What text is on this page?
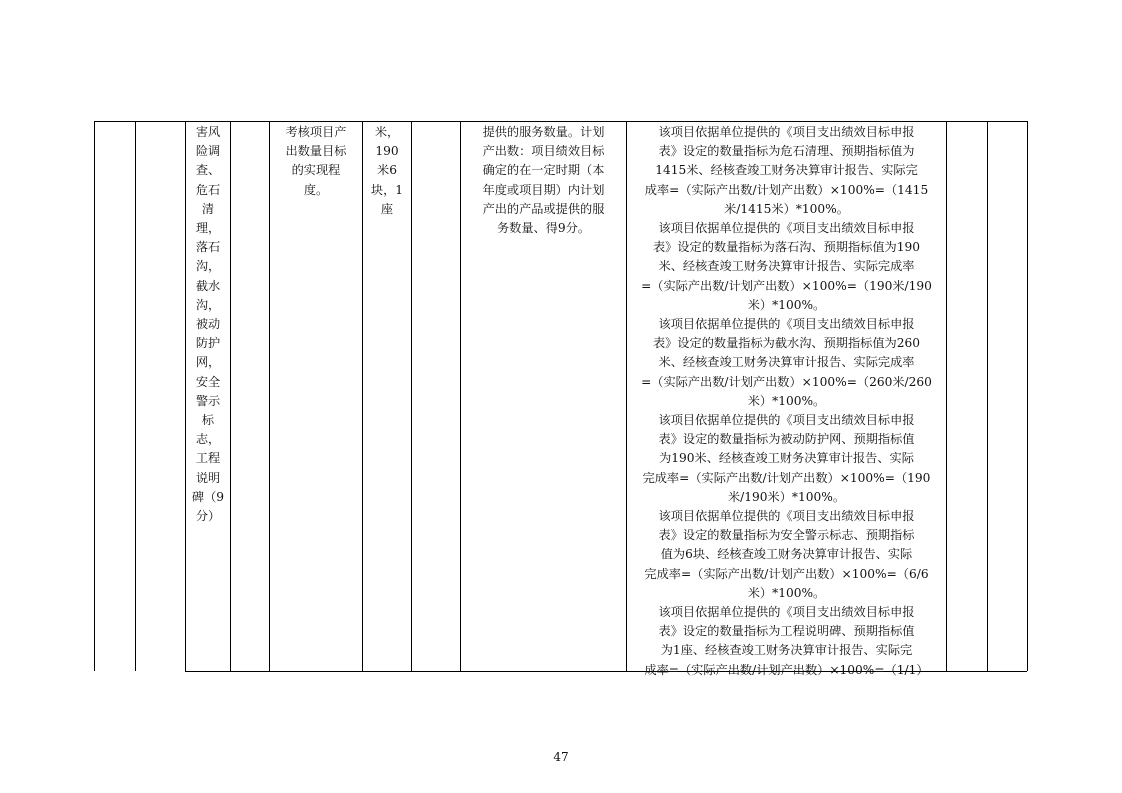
害风

险调

查、

危石

清

理，

落石

沟，

截水

沟，

被动

防护

网，

安全

警示

标

志，

工程

说明

碑（9

分）

考核项目产

出数量目标

的实现程

度。

米，

190

米6

块，1

座

提供的服务数量。计划

产出数：项目绩效目标

确定的在一定时期（本

年度或项目期）内计划

产出的产品或提供的服

务数量、得9分。

该项目依据单位提供的《项目支出绩效目标申报

表》设定的数量指标为危石清理、预期指标值为

1415米、经核查竣工财务决算审计报告、实际完

成率=（实际产出数/计划产出数）×100%=（1415

米/1415米）*100%。

该项目依据单位提供的《项目支出绩效目标申报

表》设定的数量指标为落石沟、预期指标值为190

米、经核查竣工财务决算审计报告、实际完成率

=（实际产出数/计划产出数）×100%=（190米/190

米）*100%。

该项目依据单位提供的《项目支出绩效目标申报

表》设定的数量指标为截水沟、预期指标值为260

米、经核查竣工财务决算审计报告、实际完成率

=（实际产出数/计划产出数）×100%=（260米/260

米）*100%。

该项目依据单位提供的《项目支出绩效目标申报

表》设定的数量指标为被动防护网、预期指标值

为190米、经核查竣工财务决算审计报告、实际

完成率=（实际产出数/计划产出数）×100%=（190

米/190米）*100%。

该项目依据单位提供的《项目支出绩效目标申报

表》设定的数量指标为安全警示标志、预期指标

值为6块、经核查竣工财务决算审计报告、实际

完成率=（实际产出数/计划产出数）×100%=（6/6

米）*100%。

该项目依据单位提供的《项目支出绩效目标申报

表》设定的数量指标为工程说明碑、预期指标值

为1座、经核查竣工财务决算审计报告、实际完

成率=（实际产出数/计划产出数）×100%=（1/1）

47
